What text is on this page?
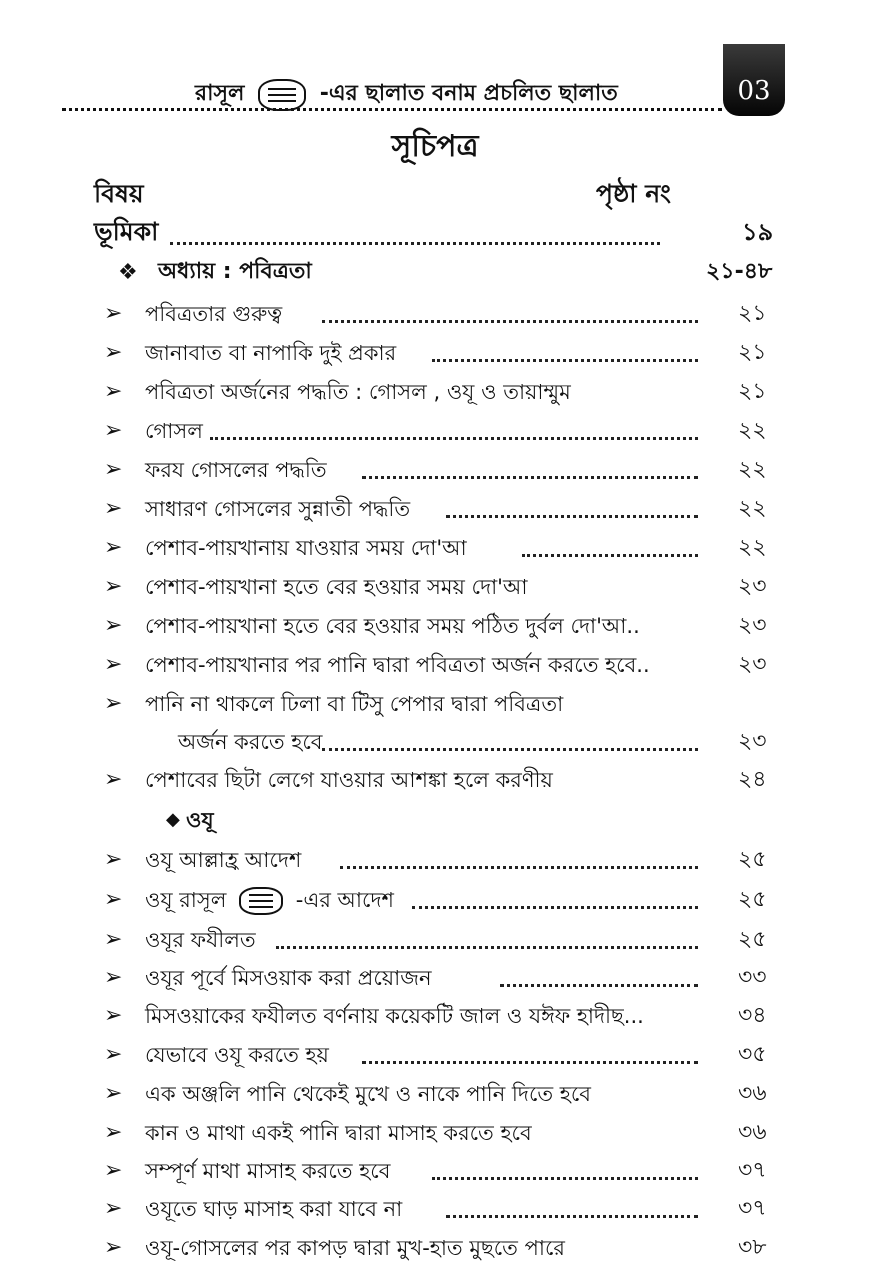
রাসূল	-এর ছালাত বনাম প্রচলিত ছালাত	03
সূচিপত্র
বিষয়	পৃষ্ঠা নং
ভূমিকা	১৯
❖ অধ্যায় : পবিত্রতা	২১-৪৮
➢ পবিত্রতার গুরুত্ব	২১
➢ জানাবাত বা নাপাকি দুই প্রকার	২১
➢ পবিত্রতা অর্জনের পদ্ধতি : গোসল , ওযূ ও তায়াম্মুম	২১
➢ গোসল	২২
➢ ফরয গোসলের পদ্ধতি	২২
➢ সাধারণ গোসলের সুন্নাতী পদ্ধতি	২২
➢ পেশাব-পায়খানায় যাওয়ার সময় দো'আ	২২
➢ পেশাব-পায়খানা হতে বের হওয়ার সময় দো'আ	২৩
➢ পেশাব-পায়খানা হতে বের হওয়ার সময় পঠিত দুর্বল দো'আ..	২৩
➢ পেশাব-পায়খানার পর পানি দ্বারা পবিত্রতা অর্জন করতে হবে..	২৩
➢ পানি না থাকলে ঢিলা বা টিসু পেপার দ্বারা পবিত্রতা
অর্জন করতে হবে	২৩
➢ পেশাবের ছিটা লেগে যাওয়ার আশঙ্কা হলে করণীয়	২৪
◆ ওযূ
➢ ওযূ আল্লাহ্র আদেশ	২৫
➢ ওযূ রাসূল	-এর আদেশ	২৫
➢ ওযূর ফযীলত	২৫
➢ ওযূর পূর্বে মিসওয়াক করা প্রয়োজন	৩৩
➢ মিসওয়াকের ফযীলত বর্ণনায় কয়েকটি জাল ও যঈফ হাদীছ...	৩৪
➢ যেভাবে ওযূ করতে হয়	৩৫
➢ এক অঞ্জলি পানি থেকেই মুখে ও নাকে পানি দিতে হবে	৩৬
➢ কান ও মাথা একই পানি দ্বারা মাসাহ করতে হবে	৩৬
➢ সম্পূর্ণ মাথা মাসাহ করতে হবে	৩৭
➢ ওযূতে ঘাড় মাসাহ করা যাবে না	৩৭
➢ ওযূ-গোসলের পর কাপড় দ্বারা মুখ-হাত মুছতে পারে	৩৮
